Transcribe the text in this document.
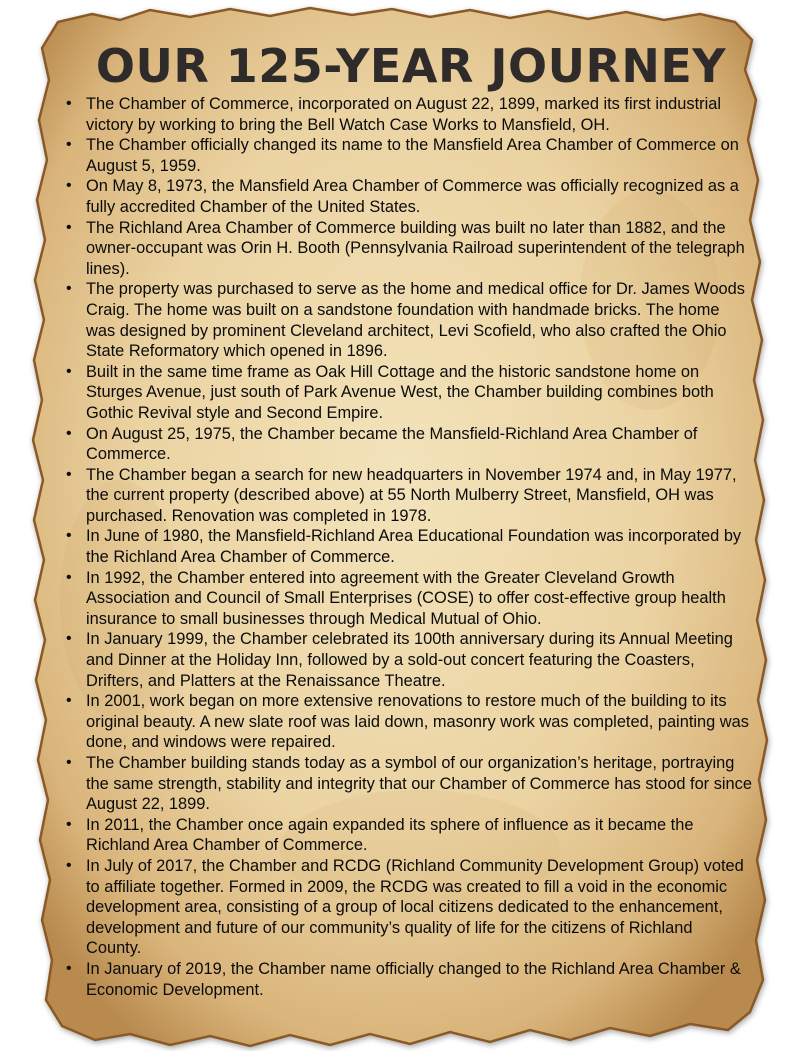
OUR 125-YEAR JOURNEY
• The Chamber of Commerce, incorporated on August 22, 1899, marked its first industrial victory by working to bring the Bell Watch Case Works to Mansfield, OH.
• The Chamber officially changed its name to the Mansfield Area Chamber of Commerce on August 5, 1959.
• On May 8, 1973, the Mansfield Area Chamber of Commerce was officially recognized as a fully accredited Chamber of the United States.
• The Richland Area Chamber of Commerce building was built no later than 1882, and the owner-occupant was Orin H. Booth (Pennsylvania Railroad superintendent of the telegraph lines).
• The property was purchased to serve as the home and medical office for Dr. James Woods Craig. The home was built on a sandstone foundation with handmade bricks. The home was designed by prominent Cleveland architect, Levi Scofield, who also crafted the Ohio State Reformatory which opened in 1896.
• Built in the same time frame as Oak Hill Cottage and the historic sandstone home on Sturges Avenue, just south of Park Avenue West, the Chamber building combines both Gothic Revival style and Second Empire.
• On August 25, 1975, the Chamber became the Mansfield-Richland Area Chamber of Commerce.
• The Chamber began a search for new headquarters in November 1974 and, in May 1977, the current property (described above) at 55 North Mulberry Street, Mansfield, OH was purchased. Renovation was completed in 1978.
• In June of 1980, the Mansfield-Richland Area Educational Foundation was incorporated by the Richland Area Chamber of Commerce.
• In 1992, the Chamber entered into agreement with the Greater Cleveland Growth Association and Council of Small Enterprises (COSE) to offer cost-effective group health insurance to small businesses through Medical Mutual of Ohio.
• In January 1999, the Chamber celebrated its 100th anniversary during its Annual Meeting and Dinner at the Holiday Inn, followed by a sold-out concert featuring the Coasters, Drifters, and Platters at the Renaissance Theatre.
• In 2001, work began on more extensive renovations to restore much of the building to its original beauty. A new slate roof was laid down, masonry work was completed, painting was done, and windows were repaired.
• The Chamber building stands today as a symbol of our organization’s heritage, portraying the same strength, stability and integrity that our Chamber of Commerce has stood for since August 22, 1899.
• In 2011, the Chamber once again expanded its sphere of influence as it became the Richland Area Chamber of Commerce.
• In July of 2017, the Chamber and RCDG (Richland Community Development Group) voted to affiliate together. Formed in 2009, the RCDG was created to fill a void in the economic development area, consisting of a group of local citizens dedicated to the enhancement, development and future of our community’s quality of life for the citizens of Richland County.
• In January of 2019, the Chamber name officially changed to the Richland Area Chamber & Economic Development.
